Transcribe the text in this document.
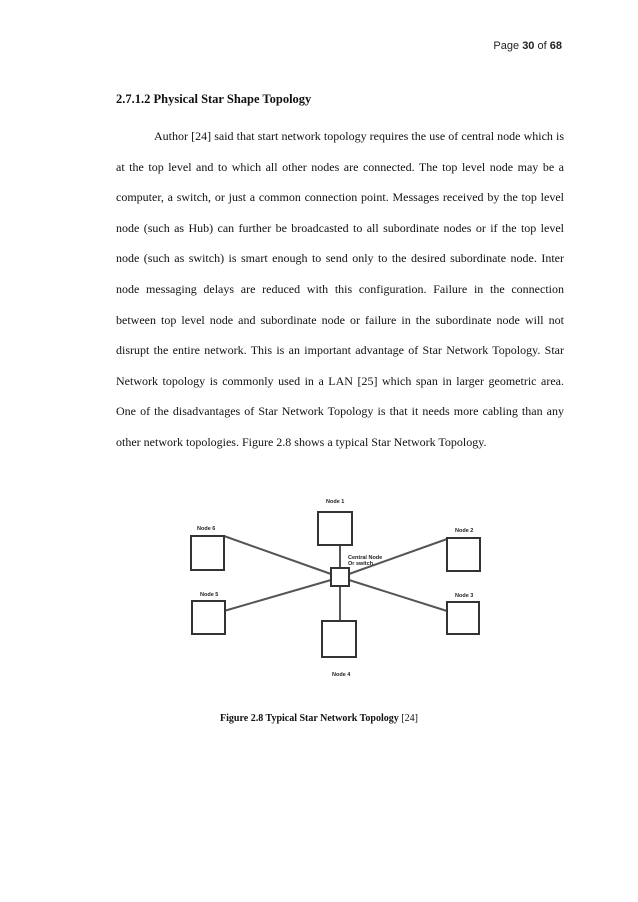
Page 30 of 68
2.7.1.2 Physical Star Shape Topology

Author [24] said that start network topology requires the use of central node which is at the top level and to which all other nodes are connected. The top level node may be a computer, a switch, or just a common connection point. Messages received by the top level node (such as Hub) can further be broadcasted to all subordinate nodes or if the top level node (such as switch) is smart enough to send only to the desired subordinate node. Inter node messaging delays are reduced with this configuration. Failure in the connection between top level node and subordinate node or failure in the subordinate node will not disrupt the entire network. This is an important advantage of Star Network Topology. Star Network topology is commonly used in a LAN [25] which span in larger geometric area. One of the disadvantages of Star Network Topology is that it needs more cabling than any other network topologies. Figure 2.8 shows a typical Star Network Topology.

Node 1
Node 2
Node 3
Node 4
Node 5
Node 6
Central Node
Or switch
Figure 2.8 Typical Star Network Topology [24]
